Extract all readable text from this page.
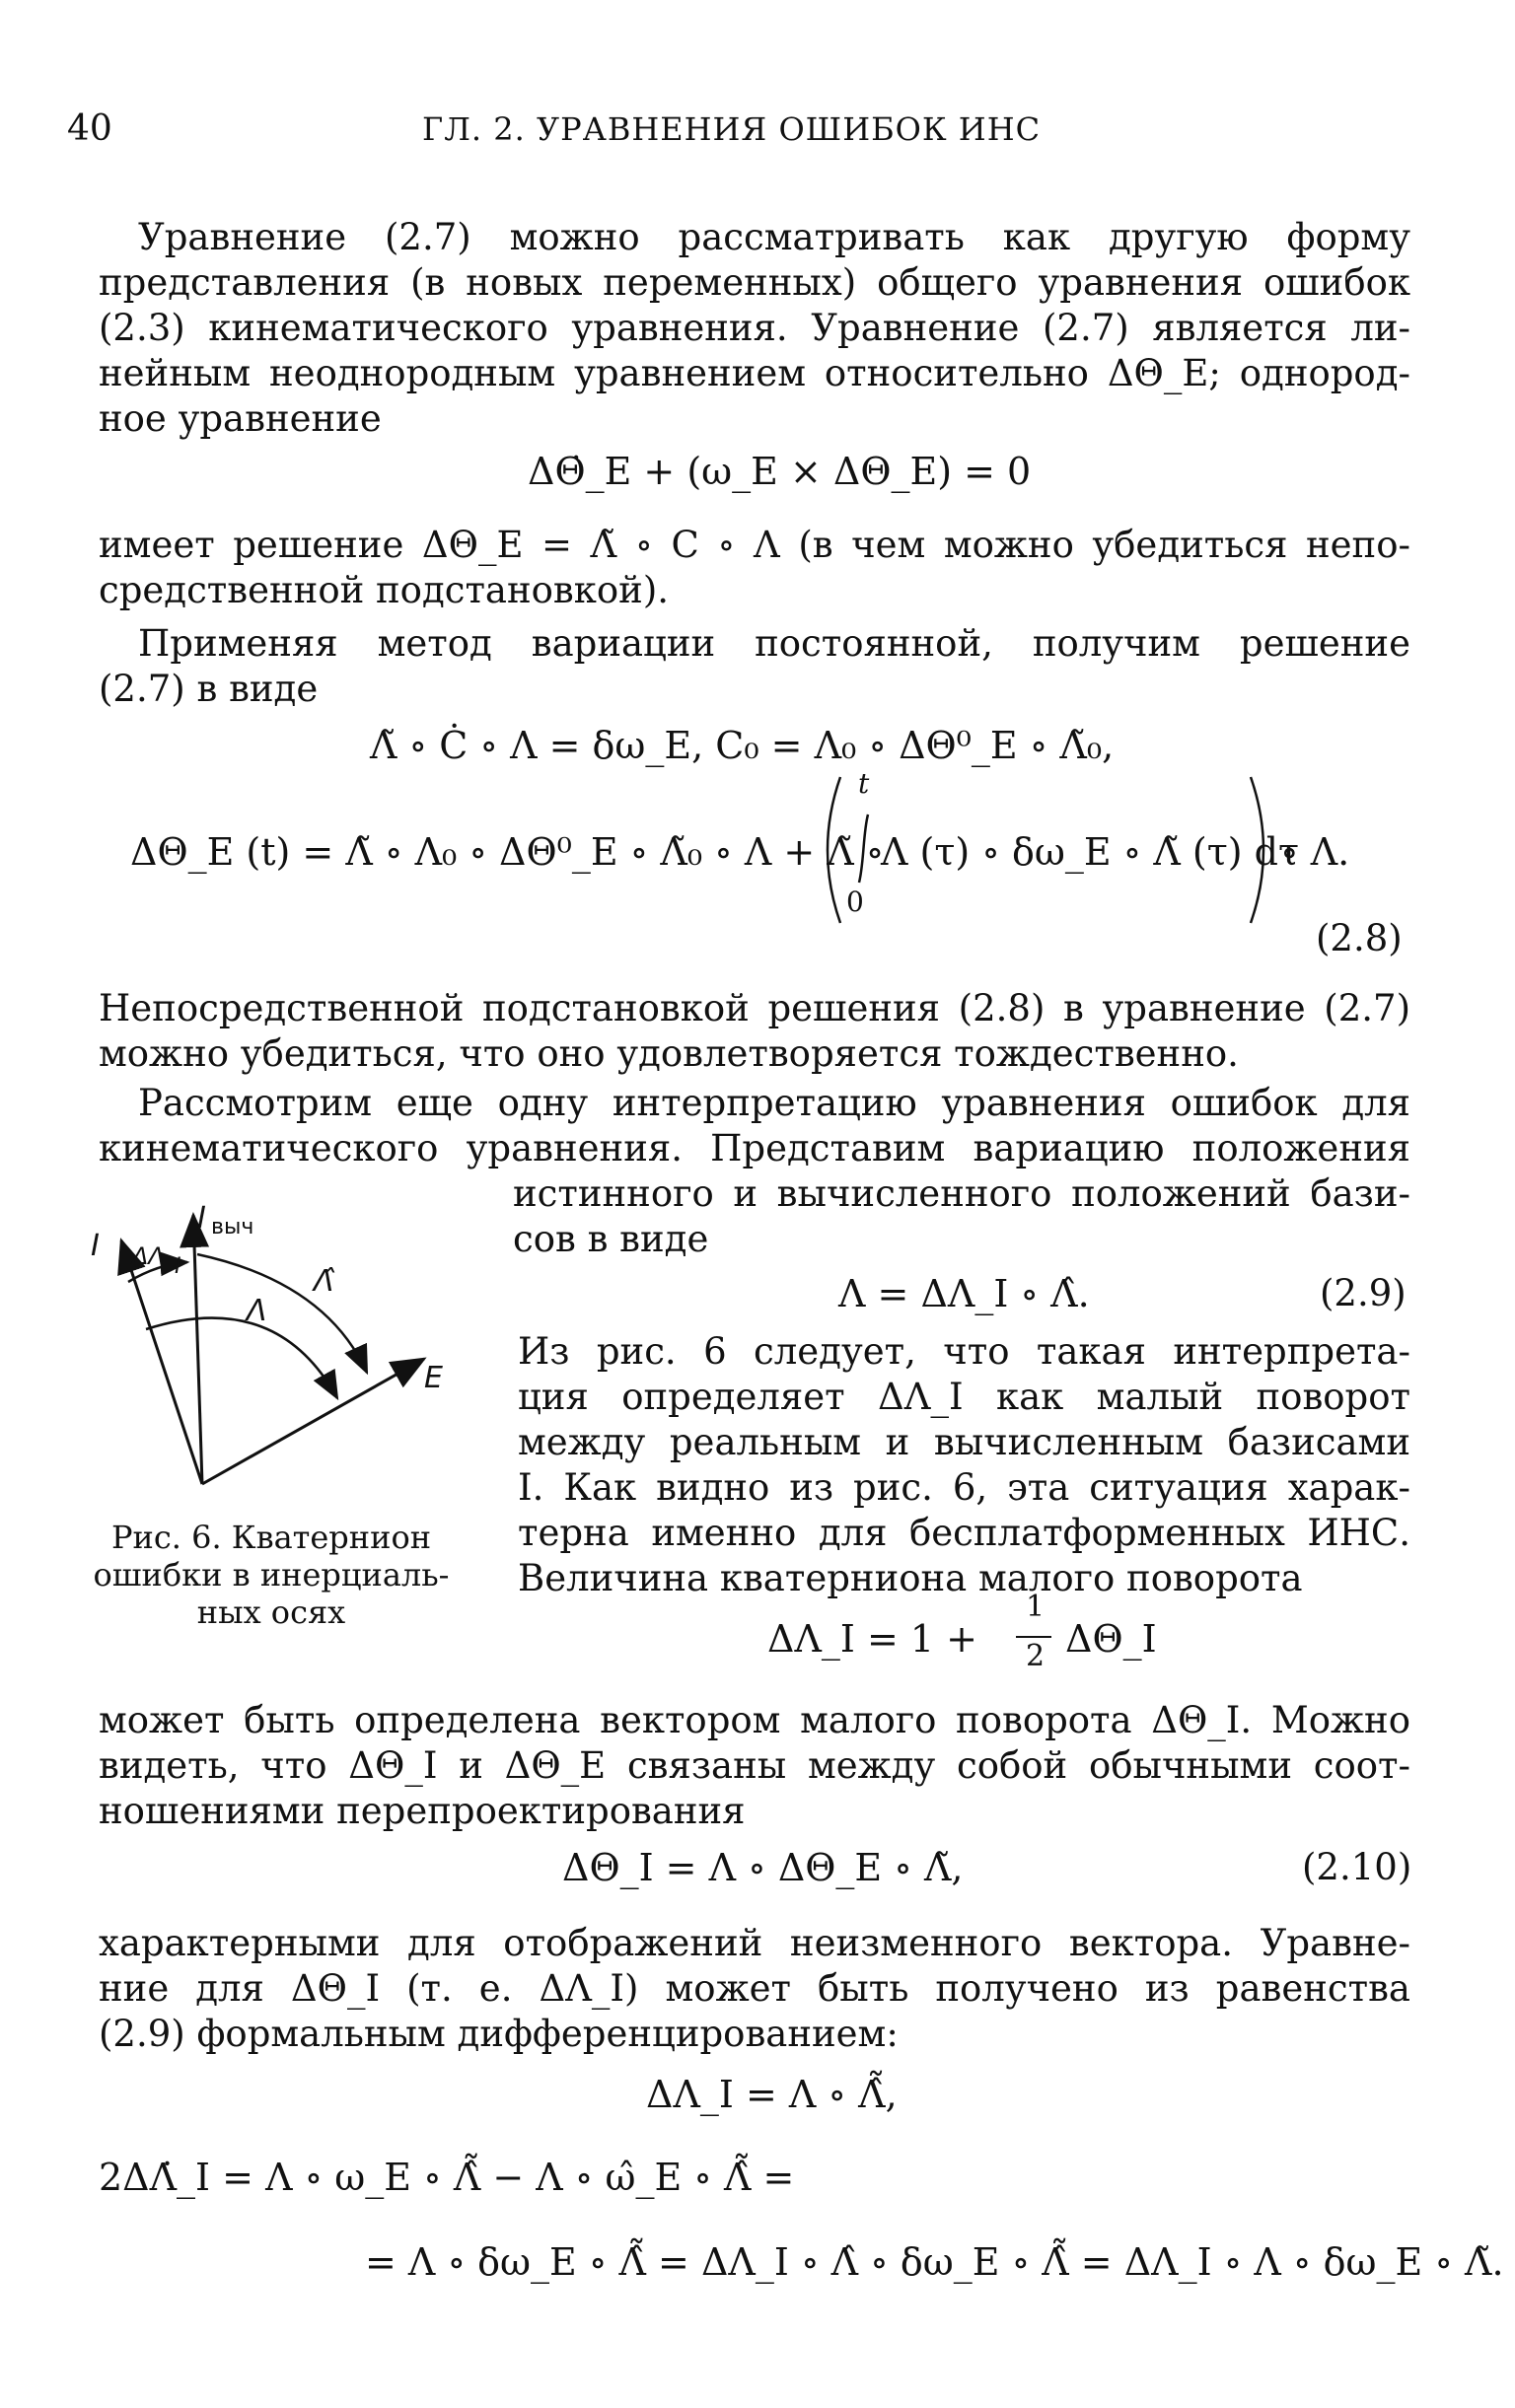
40	ГЛ. 2. УРАВНЕНИЯ ОШИБОК ИНС
Уравнение (2.7) можно рассматривать как другую форму
представления (в новых переменных) общего уравнения ошибок
(2.3) кинематического уравнения. Уравнение (2.7) является ли-
нейным неоднородным уравнением относительно ΔΘ_E; однород-
ное уравнение
ΔΘ̇_E + (ω_E × ΔΘ_E) = 0
имеет решение ΔΘ_E = Λ̃ ∘ C ∘ Λ (в чем можно убедиться непо-
средственной подстановкой).
Применяя метод вариации постоянной, получим решение
(2.7) в виде
Λ̃ ∘ Ċ ∘ Λ = δω_E, C₀ = Λ₀ ∘ ΔΘ⁰_E ∘ Λ̃₀,
ΔΘ_E (t) = Λ̃ ∘ Λ₀ ∘ ΔΘ⁰_E ∘ Λ̃₀ ∘ Λ + Λ̃ ∘
t
0
Λ (τ) ∘ δω_E ∘ Λ̃ (τ) dτ
∘ Λ.
(2.8)
Непосредственной подстановкой решения (2.8) в уравнение (2.7)
можно убедиться, что оно удовлетворяется тождественно.
Рассмотрим еще одну интерпретацию уравнения ошибок для
кинематического уравнения. Представим вариацию положения
истинного и вычисленного положений бази-
сов в виде
Λ = ΔΛ_I ∘ Λ̂.	(2.9)
Из рис. 6 следует, что такая интерпрета-
ция определяет ΔΛ_I как малый поворот
между реальным и вычисленным базисами
I. Как видно из рис. 6, эта ситуация харак-
терна именно для бесплатформенных ИНС.
Величина кватерниона малого поворота
ΔΛ_I = 1 +
1
2 ΔΘ_I
I
I выч
ΔΛ I	Λ̂
Λ
E
Рис. 6. Кватернион
ошибки в инерциаль-
ных осях
может быть определена вектором малого поворота ΔΘ_I. Можно
видеть, что ΔΘ_I и ΔΘ_E связаны между собой обычными соот-
ношениями перепроектирования
ΔΘ_I = Λ ∘ ΔΘ_E ∘ Λ̃,	(2.10)
характерными для отображений неизменного вектора. Уравне-
ние для ΔΘ_I (т. е. ΔΛ_I) может быть получено из равенства
(2.9) формальным дифференцированием:
ΔΛ_I = Λ ∘ Λ̂̃,
2ΔΛ̇_I = Λ ∘ ω_E ∘ Λ̂̃ − Λ ∘ ω̂_E ∘ Λ̂̃ =
= Λ ∘ δω_E ∘ Λ̂̃ = ΔΛ_I ∘ Λ̂ ∘ δω_E ∘ Λ̂̃ = ΔΛ_I ∘ Λ ∘ δω_E ∘ Λ̃.
